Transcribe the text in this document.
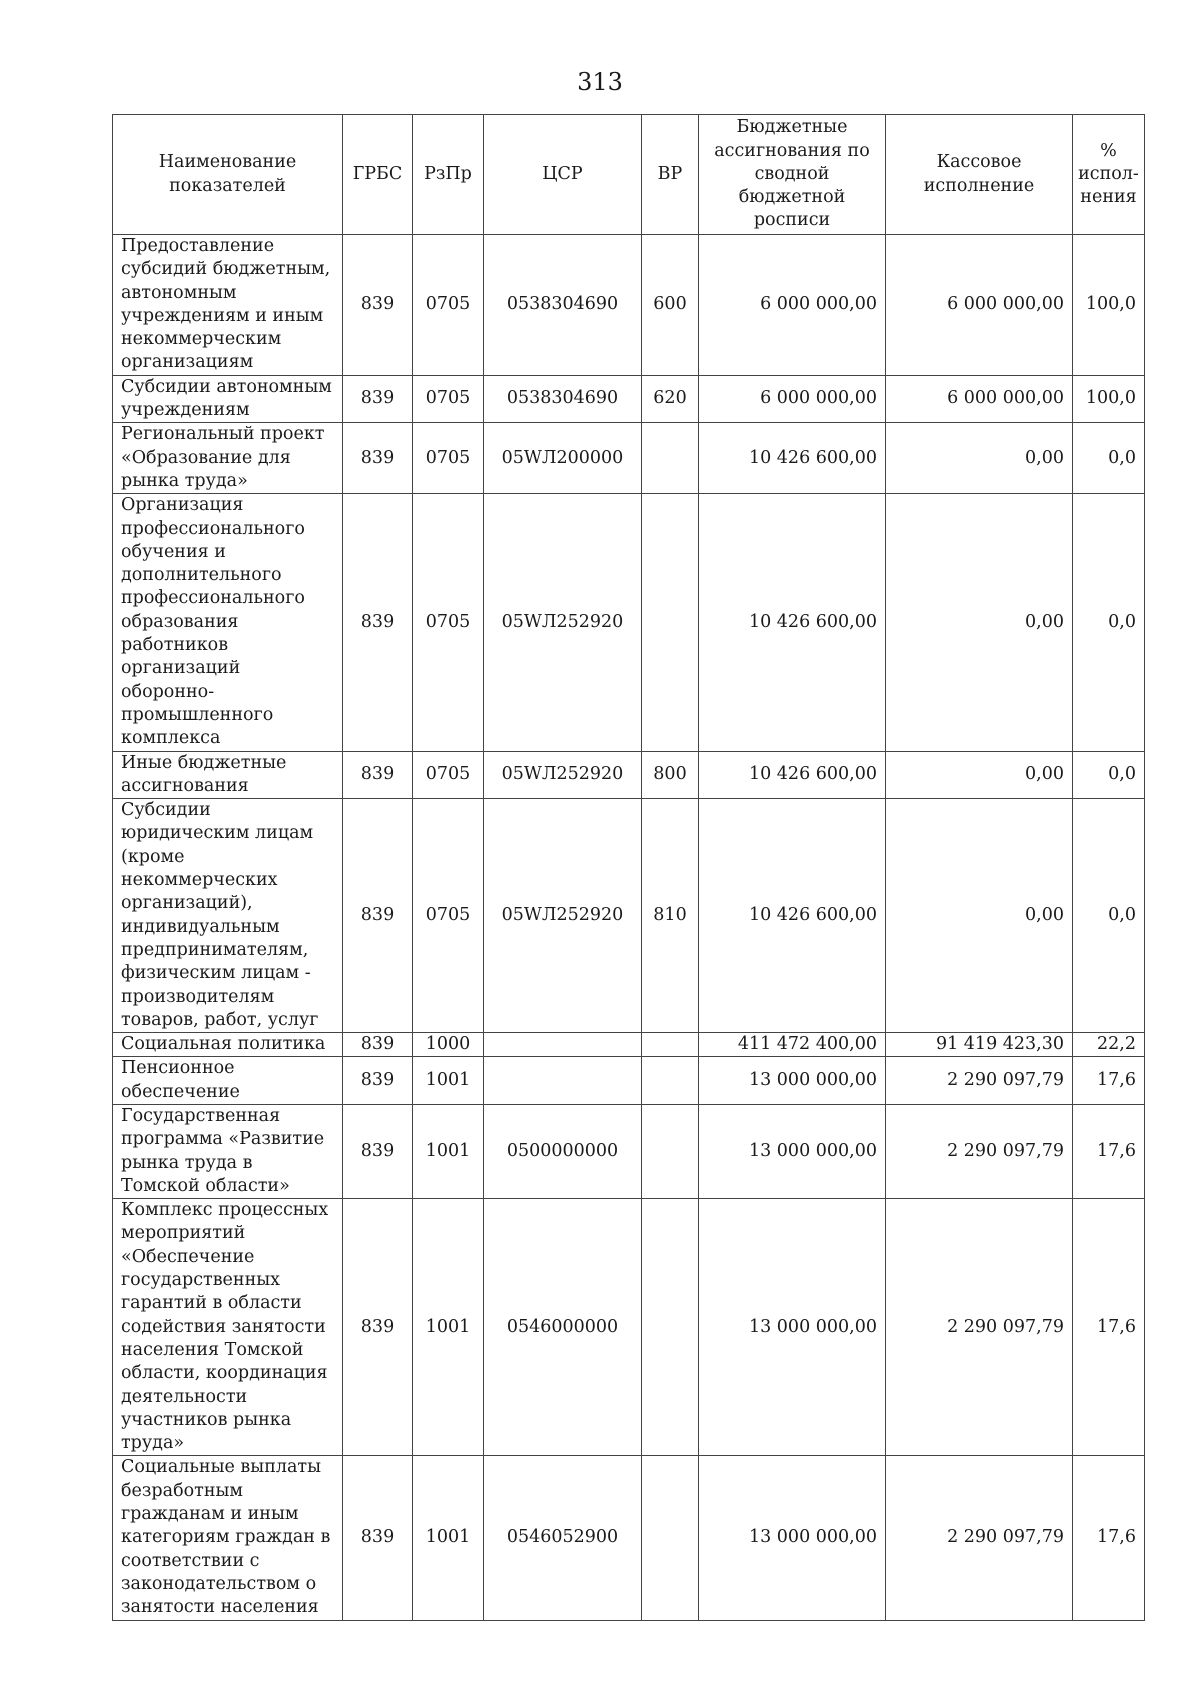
313
Наименование показателей	ГРБС	РзПр	ЦСР	ВР	Бюджетные ассигнования по сводной бюджетной росписи	Кассовое исполнение	% испол-нения
Предоставление субсидий бюджетным, автономным учреждениям и иным некоммерческим организациям	839	0705	0538304690	600	6 000 000,00	6 000 000,00	100,0
Субсидии автономным учреждениям	839	0705	0538304690	620	6 000 000,00	6 000 000,00	100,0
Региональный проект «Образование для рынка труда»	839	0705	05WЛ200000		10 426 600,00	0,00	0,0
Организация профессионального обучения и дополнительного профессионального образования работников организаций оборонно-промышленного комплекса	839	0705	05WЛ252920		10 426 600,00	0,00	0,0
Иные бюджетные ассигнования	839	0705	05WЛ252920	800	10 426 600,00	0,00	0,0
Субсидии юридическим лицам (кроме некоммерческих организаций), индивидуальным предпринимателям, физическим лицам - производителям товаров, работ, услуг	839	0705	05WЛ252920	810	10 426 600,00	0,00	0,0
Социальная политика	839	1000			411 472 400,00	91 419 423,30	22,2
Пенсионное обеспечение	839	1001			13 000 000,00	2 290 097,79	17,6
Государственная программа «Развитие рынка труда в Томской области»	839	1001	0500000000		13 000 000,00	2 290 097,79	17,6
Комплекс процессных мероприятий «Обеспечение государственных гарантий в области содействия занятости населения Томской области, координация деятельности участников рынка труда»	839	1001	0546000000		13 000 000,00	2 290 097,79	17,6
Социальные выплаты безработным гражданам и иным категориям граждан в соответствии с законодательством о занятости населения	839	1001	0546052900		13 000 000,00	2 290 097,79	17,6
